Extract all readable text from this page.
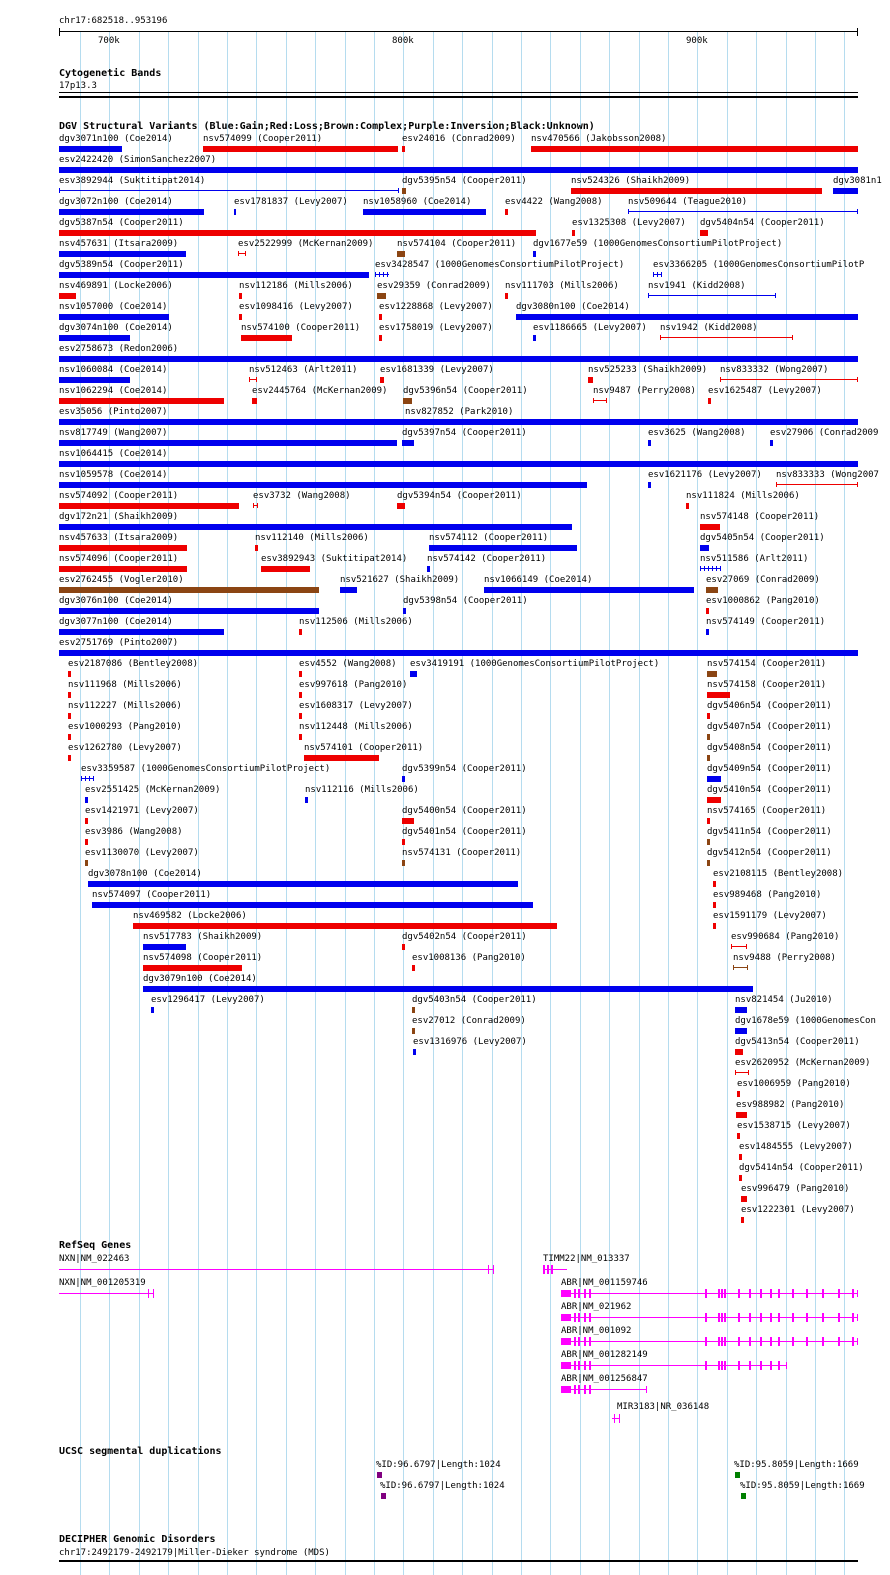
chr17:682518..953196
700k	800k	900k
Cytogenetic Bands
17p13.3
DGV Structural Variants (Blue:Gain;Red:Loss;Brown:Complex;Purple:Inversion;Black:Unknown)
dgv3071n100 (Coe2014)	nsv574099 (Cooper2011)	esv24016 (Conrad2009) nsv470566 (Jakobsson2008)
esv2422420 (SimonSanchez2007)
esv3892944 (Suktitipat2014)	dgv5395n54 (Cooper2011)	nsv524326 (Shaikh2009)	dgv3081n1
dgv3072n100 (Coe2014)	esv1781837 (Levy2007) nsv1058960 (Coe2014)	esv4422 (Wang2008)	nsv509644 (Teague2010)
dgv5387n54 (Cooper2011)	esv1325308 (Levy2007) dgv5404n54 (Cooper2011)
nsv457631 (Itsara2009)	esv2522999 (McKernan2009)	nsv574104 (Cooper2011) dgv1677e59 (1000GenomesConsortiumPilotProject)
dgv5389n54 (Cooper2011)	esv3428547 (1000GenomesConsortiumPilotProject)	esv3366205 (1000GenomesConsortiumPilotP
nsv469891 (Locke2006)	nsv112186 (Mills2006)	esv29359 (Conrad2009) nsv111703 (Mills2006)	nsv1941 (Kidd2008)
nsv1057000 (Coe2014)	esv1098416 (Levy2007)	esv1228868 (Levy2007)	dgv3080n100 (Coe2014)
dgv3074n100 (Coe2014)	nsv574100 (Cooper2011) esv1758019 (Levy2007)	esv1186665 (Levy2007) nsv1942 (Kidd2008)
esv2758673 (Redon2006)
nsv1060084 (Coe2014)	nsv512463 (Arlt2011)	esv1681339 (Levy2007)	nsv525233 (Shaikh2009) nsv833332 (Wong2007)
nsv1062294 (Coe2014)	esv2445764 (McKernan2009) dgv5396n54 (Cooper2011)	nsv9487 (Perry2008) esv1625487 (Levy2007)
esv35056 (Pinto2007)	nsv827852 (Park2010)
nsv817749 (Wang2007)	dgv5397n54 (Cooper2011)	esv3625 (Wang2008)	esv27906 (Conrad2009
nsv1064415 (Coe2014)
nsv1059578 (Coe2014)	esv1621176 (Levy2007) nsv833333 (Wong2007
nsv574092 (Cooper2011)	esv3732 (Wang2008)	dgv5394n54 (Cooper2011)	nsv111824 (Mills2006)
dgv172n21 (Shaikh2009)	nsv574148 (Cooper2011)
nsv457633 (Itsara2009)	nsv112140 (Mills2006)	nsv574112 (Cooper2011)	dgv5405n54 (Cooper2011)
nsv574096 (Cooper2011)	esv3892943 (Suktitipat2014) nsv574142 (Cooper2011)	nsv511586 (Arlt2011)
esv2762455 (Vogler2010)	nsv521627 (Shaikh2009)	nsv1066149 (Coe2014)	esv27069 (Conrad2009)
dgv3076n100 (Coe2014)	dgv5398n54 (Cooper2011)	esv1000862 (Pang2010)
dgv3077n100 (Coe2014)	nsv112506 (Mills2006)	nsv574149 (Cooper2011)
esv2751769 (Pinto2007)
esv2187086 (Bentley2008)	esv4552 (Wang2008) esv3419191 (1000GenomesConsortiumPilotProject)	nsv574154 (Cooper2011)
nsv111968 (Mills2006)	esv997618 (Pang2010)	nsv574158 (Cooper2011)
nsv112227 (Mills2006)	esv1608317 (Levy2007)	dgv5406n54 (Cooper2011)
esv1000293 (Pang2010)	nsv112448 (Mills2006)	dgv5407n54 (Cooper2011)
esv1262780 (Levy2007)	nsv574101 (Cooper2011)	dgv5408n54 (Cooper2011)
esv3359587 (1000GenomesConsortiumPilotProject)	dgv5399n54 (Cooper2011)	dgv5409n54 (Cooper2011)
esv2551425 (McKernan2009)	nsv112116 (Mills2006)	dgv5410n54 (Cooper2011)
esv1421971 (Levy2007)	dgv5400n54 (Cooper2011)	nsv574165 (Cooper2011)
esv3986 (Wang2008)	dgv5401n54 (Cooper2011)	dgv5411n54 (Cooper2011)
esv1130070 (Levy2007)	nsv574131 (Cooper2011)	dgv5412n54 (Cooper2011)
dgv3078n100 (Coe2014)	esv2108115 (Bentley2008)
nsv574097 (Cooper2011)	esv989468 (Pang2010)
nsv469582 (Locke2006)	esv1591179 (Levy2007)
nsv517783 (Shaikh2009)	dgv5402n54 (Cooper2011)	esv990684 (Pang2010)
nsv574098 (Cooper2011)	esv1008136 (Pang2010)	nsv9488 (Perry2008)
dgv3079n100 (Coe2014)
esv1296417 (Levy2007)	dgv5403n54 (Cooper2011)	nsv821454 (Ju2010)
esv27012 (Conrad2009)	dgv1678e59 (1000GenomesCon
esv1316976 (Levy2007)	dgv5413n54 (Cooper2011)
esv2620952 (McKernan2009)
esv1006959 (Pang2010)
esv988982 (Pang2010)
esv1538715 (Levy2007)
esv1484555 (Levy2007)
dgv5414n54 (Cooper2011)
esv996479 (Pang2010)
esv1222301 (Levy2007)
RefSeq Genes
NXN|NM_022463
NXN|NM_001205319
TIMM22|NM_013337
ABR|NM_001159746
ABR|NM_021962
ABR|NM_001092
ABR|NM_001282149
ABR|NM_001256847
MIR3183|NR_036148
UCSC segmental duplications
%ID:96.6797|Length:1024
%ID:96.6797|Length:1024
%ID:95.8059|Length:1669
%ID:95.8059|Length:1669
DECIPHER Genomic Disorders
chr17:2492179-2492179|Miller-Dieker syndrome (MDS)
